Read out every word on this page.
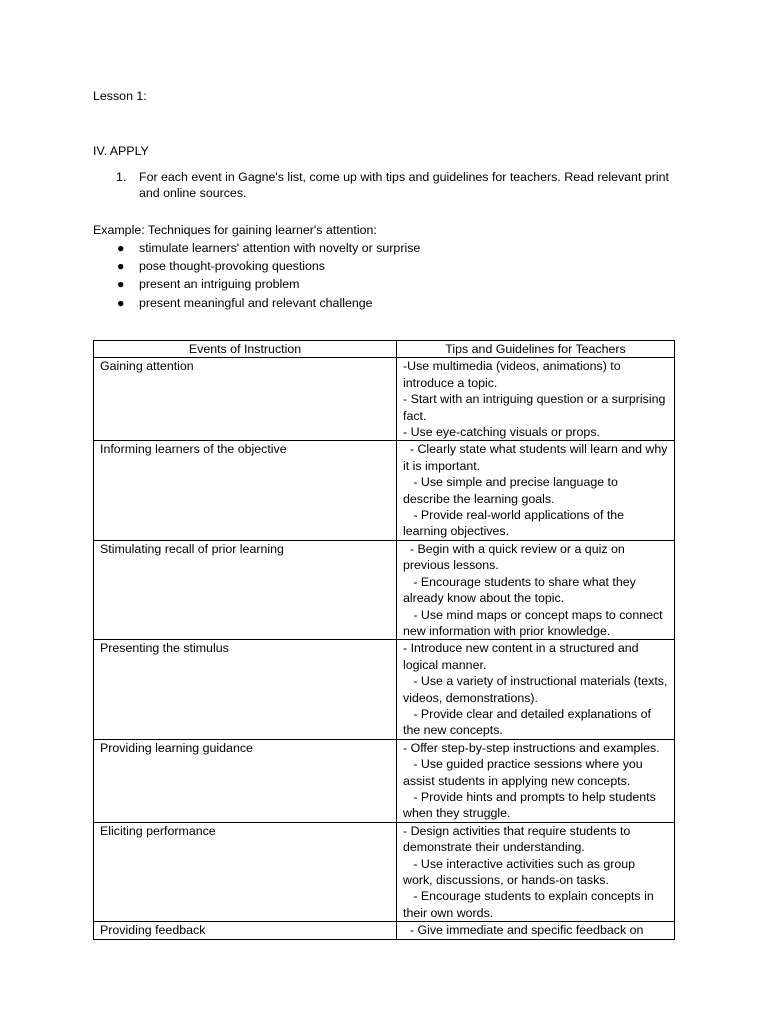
Lesson 1:
IV. APPLY
1. For each event in Gagne's list, come up with tips and guidelines for teachers. Read relevant print and online sources.

Example: Techniques for gaining learner's attention:

● stimulate learners' attention with novelty or surprise
● pose thought-provoking questions
● present an intriguing problem
● present meaningful and relevant challenge
Events of Instruction	Tips and Guidelines for Teachers
Gaining attention	-Use multimedia (videos, animations) to introduce a topic.
- Start with an intriguing question or a surprising fact.
- Use eye-catching visuals or props.

Informing learners of the objective	- Clearly state what students will learn and why it is important.
- Use simple and precise language to describe the learning goals.
- Provide real-world applications of the learning objectives.

Stimulating recall of prior learning	- Begin with a quick review or a quiz on previous lessons.
- Encourage students to share what they already know about the topic.
- Use mind maps or concept maps to connect new information with prior knowledge.

Presenting the stimulus	- Introduce new content in a structured and logical manner.
- Use a variety of instructional materials (texts, videos, demonstrations).
- Provide clear and detailed explanations of the new concepts.

Providing learning guidance	- Offer step-by-step instructions and examples.
- Use guided practice sessions where you assist students in applying new concepts.
- Provide hints and prompts to help students when they struggle.

Eliciting performance	- Design activities that require students to demonstrate their understanding.
- Use interactive activities such as group work, discussions, or hands-on tasks.
- Encourage students to explain concepts in their own words.

Providing feedback	- Give immediate and specific feedback on
